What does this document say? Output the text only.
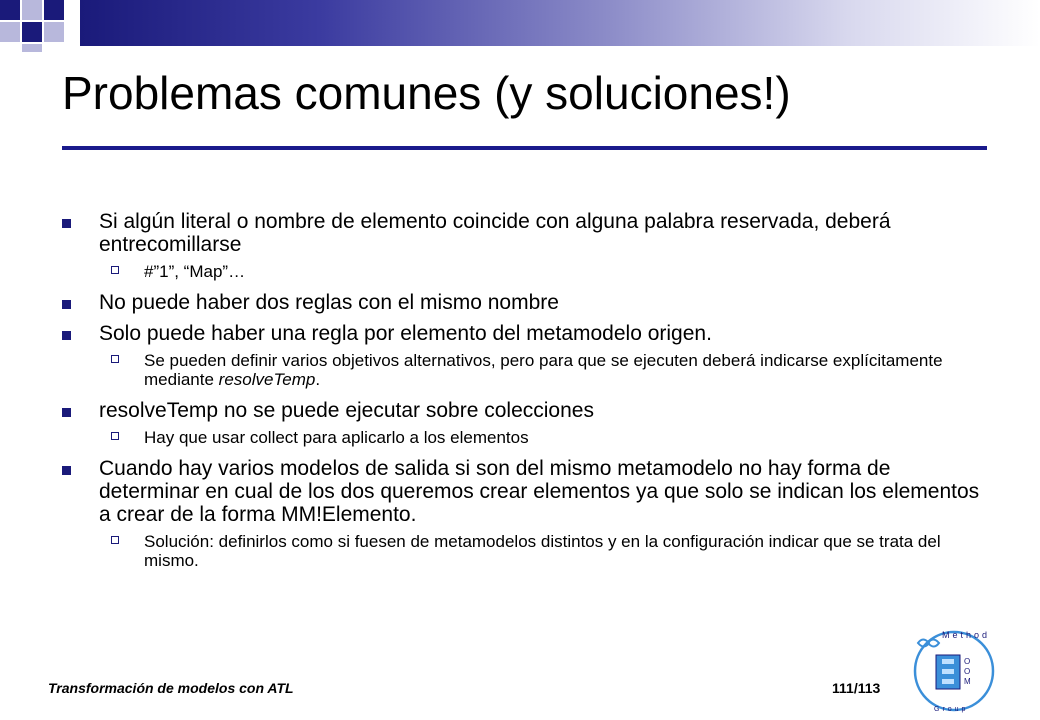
Problemas comunes (y soluciones!)
Si algún literal o nombre de elemento coincide con alguna palabra reservada, deberá entrecomillarse
#”1”, “Map”…
No puede haber dos reglas con el mismo nombre
Solo puede haber una regla por elemento del metamodelo origen.
Se pueden definir varios objetivos alternativos, pero para que se ejecuten deberá indicarse explícitamente mediante resolveTemp.
resolveTemp no se puede ejecutar sobre colecciones
Hay que usar collect para aplicarlo a los elementos
Cuando hay varios modelos de salida si son del mismo metamodelo no hay forma de determinar en cual de los dos queremos crear elementos ya que solo se indican los elementos a crear de la forma MM!Elemento.
Solución: definirlos como si fuesen de metamodelos distintos y en la configuración indicar que se trata del mismo.
Transformación de modelos con ATL	111/113
Method
O
O
M
Group
